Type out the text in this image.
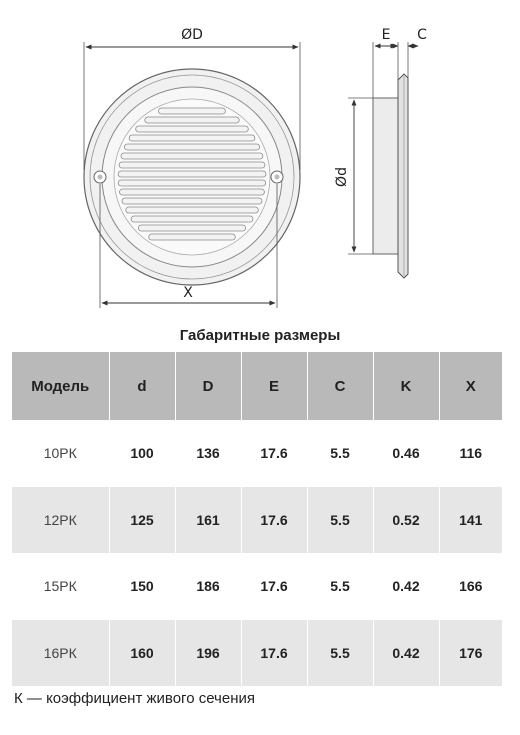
ØD
X
Ød
E C
Габаритные размеры
Модель	d	D	E	C	K	X
10РК	100	136	17.6	5.5	0.46	116
12РК	125	161	17.6	5.5	0.52	141
15РК	150	186	17.6	5.5	0.42	166
16РК	160	196	17.6	5.5	0.42	176
К — коэффициент живого сечения
